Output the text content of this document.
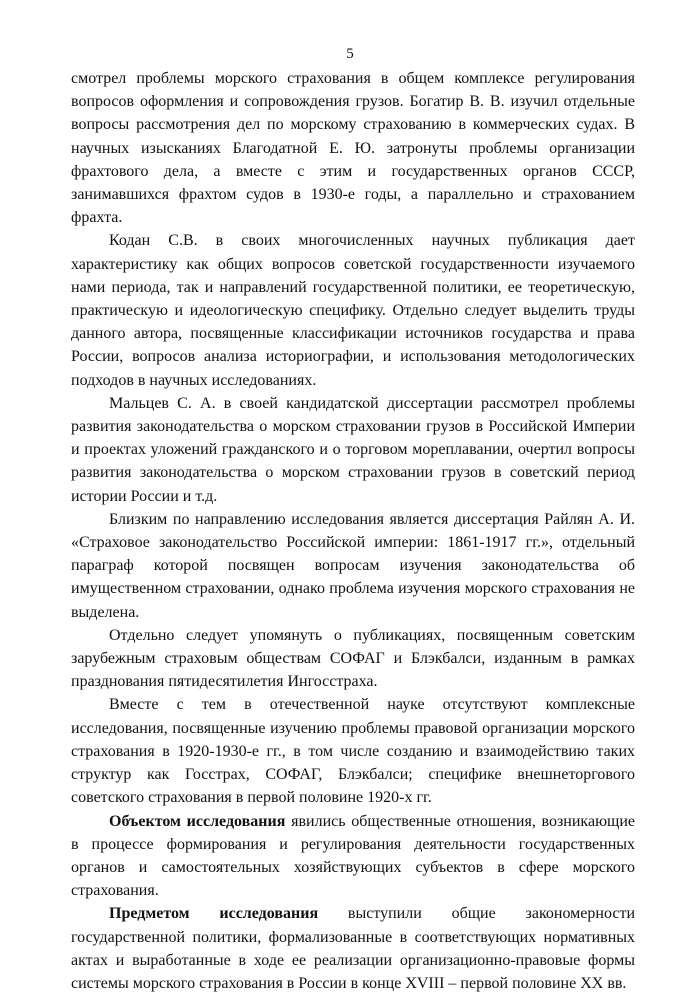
5

смотрел проблемы морского страхования в общем комплексе регулирования вопросов оформления и сопровождения грузов. Богатир В. В. изучил отдельные вопросы рассмотрения дел по морскому страхованию в коммерческих судах. В научных изысканиях Благодатной Е. Ю. затронуты проблемы организации фрахтового дела, а вместе с этим и государственных органов СССР, занимавшихся фрахтом судов в 1930-е годы, а параллельно и страхованием фрахта.

Кодан С.В. в своих многочисленных научных публикация дает характеристику как общих вопросов советской государственности изучаемого нами периода, так и направлений государственной политики, ее теоретическую, практическую и идеологическую специфику. Отдельно следует выделить труды данного автора, посвященные классификации источников государства и права России, вопросов анализа историографии, и использования методологических подходов в научных исследованиях.

Мальцев С. А. в своей кандидатской диссертации рассмотрел проблемы развития законодательства о морском страховании грузов в Российской Империи и проектах уложений гражданского и о торговом мореплавании, очертил вопросы развития законодательства о морском страховании грузов в советский период истории России и т.д.

Близким по направлению исследования является диссертация Райлян А. И. «Страховое законодательство Российской империи: 1861-1917 гг.», отдельный параграф которой посвящен вопросам изучения законодательства об имущественном страховании, однако проблема изучения морского страхования не выделена.

Отдельно следует упомянуть о публикациях, посвященным советским зарубежным страховым обществам СОФАГ и Блэкбалси, изданным в рамках празднования пятидесятилетия Ингосстраха.

Вместе с тем в отечественной науке отсутствуют комплексные исследования, посвященные изучению проблемы правовой организации морского страхования в 1920-1930-е гг., в том числе созданию и взаимодействию таких структур как Госстрах, СОФАГ, Блэкбалси; специфике внешнеторгового советского страхования в первой половине 1920-х гг.

Объектом исследования явились общественные отношения, возникающие в процессе формирования и регулирования деятельности государственных органов и самостоятельных хозяйствующих субъектов в сфере морского страхования.

Предметом исследования выступили общие закономерности государственной политики, формализованные в соответствующих нормативных актах и выработанные в ходе ее реализации организационно-правовые формы системы морского страхования в России в конце XVIII – первой половине XX вв.
